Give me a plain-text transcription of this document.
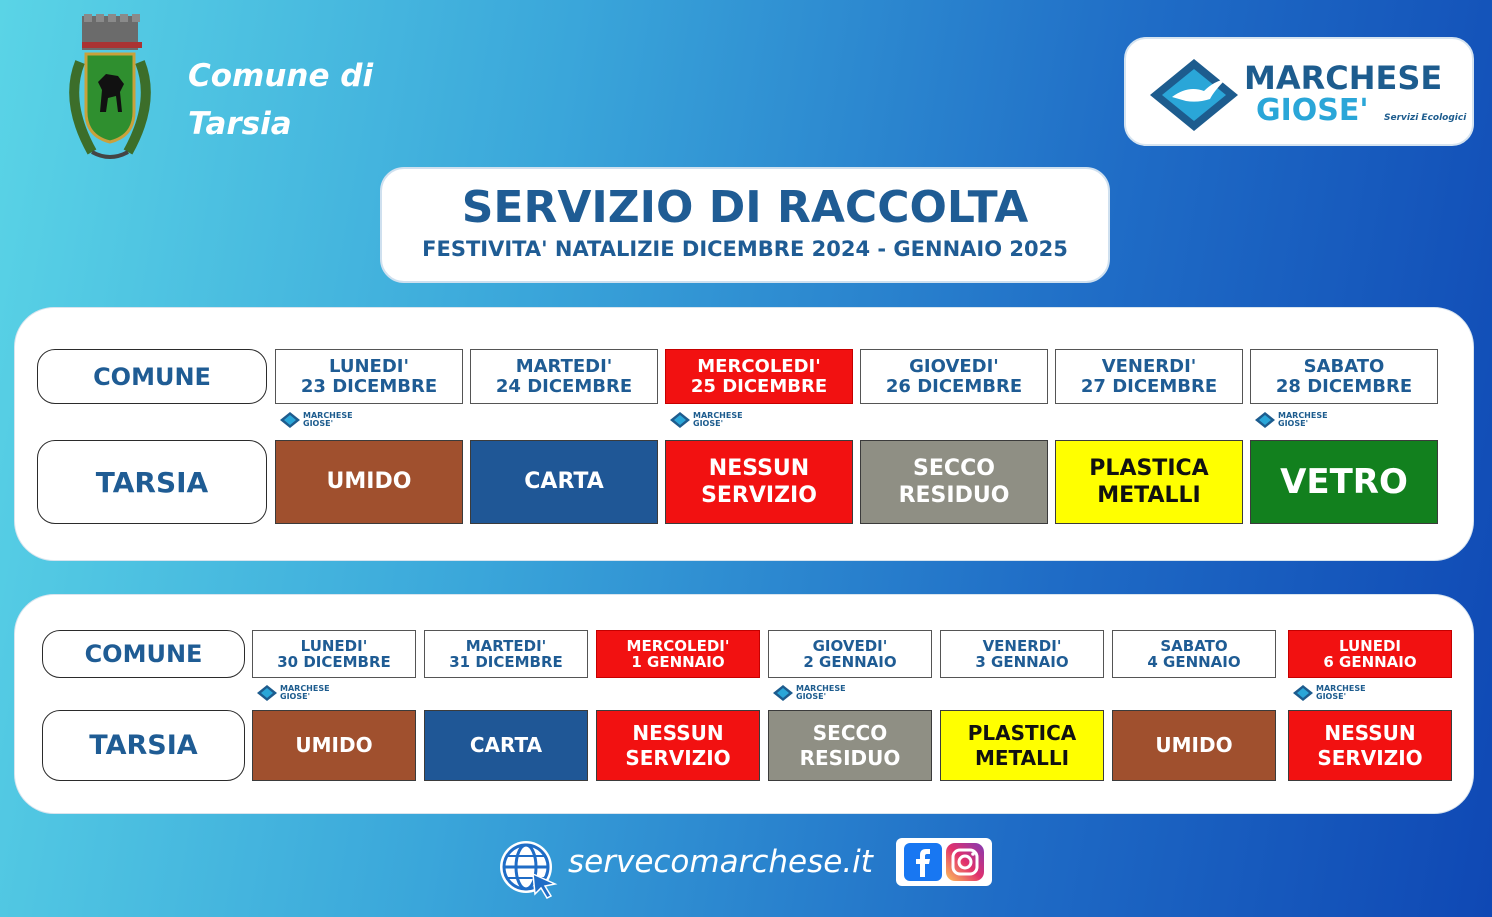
Comune di
Tarsia
MARCHESE
GIOSE' Servizi Ecologici
SERVIZIO DI RACCOLTA
FESTIVITA' NATALIZIE DICEMBRE 2024 - GENNAIO 2025
COMUNE
TARSIA
LUNEDI'
23 DICEMBRE
MARTEDI'
24 DICEMBRE
MERCOLEDI'
25 DICEMBRE
GIOVEDI'
26 DICEMBRE
VENERDI'
27 DICEMBRE
SABATO
28 DICEMBRE
UMIDO	CARTA
NESSUN
SERVIZIO
SECCO
RESIDUO
PLASTICA
METALLI VETRO
MARCHESE
GIOSE'
MARCHESE
GIOSE'
MARCHESE
GIOSE'
COMUNE
TARSIA
LUNEDI'
30 DICEMBRE
MARTEDI'
31 DICEMBRE
MERCOLEDI'
1 GENNAIO
GIOVEDI'
2 GENNAIO
VENERDI'
3 GENNAIO
SABATO
4 GENNAIO
LUNEDI
6 GENNAIO
UMIDO	CARTA
NESSUN
SERVIZIO
SECCO
RESIDUO
PLASTICA
METALLI
UMIDO
NESSUN
SERVIZIO
MARCHESE
GIOSE'
MARCHESE
GIOSE'
MARCHESE
GIOSE'
servecomarchese.it
